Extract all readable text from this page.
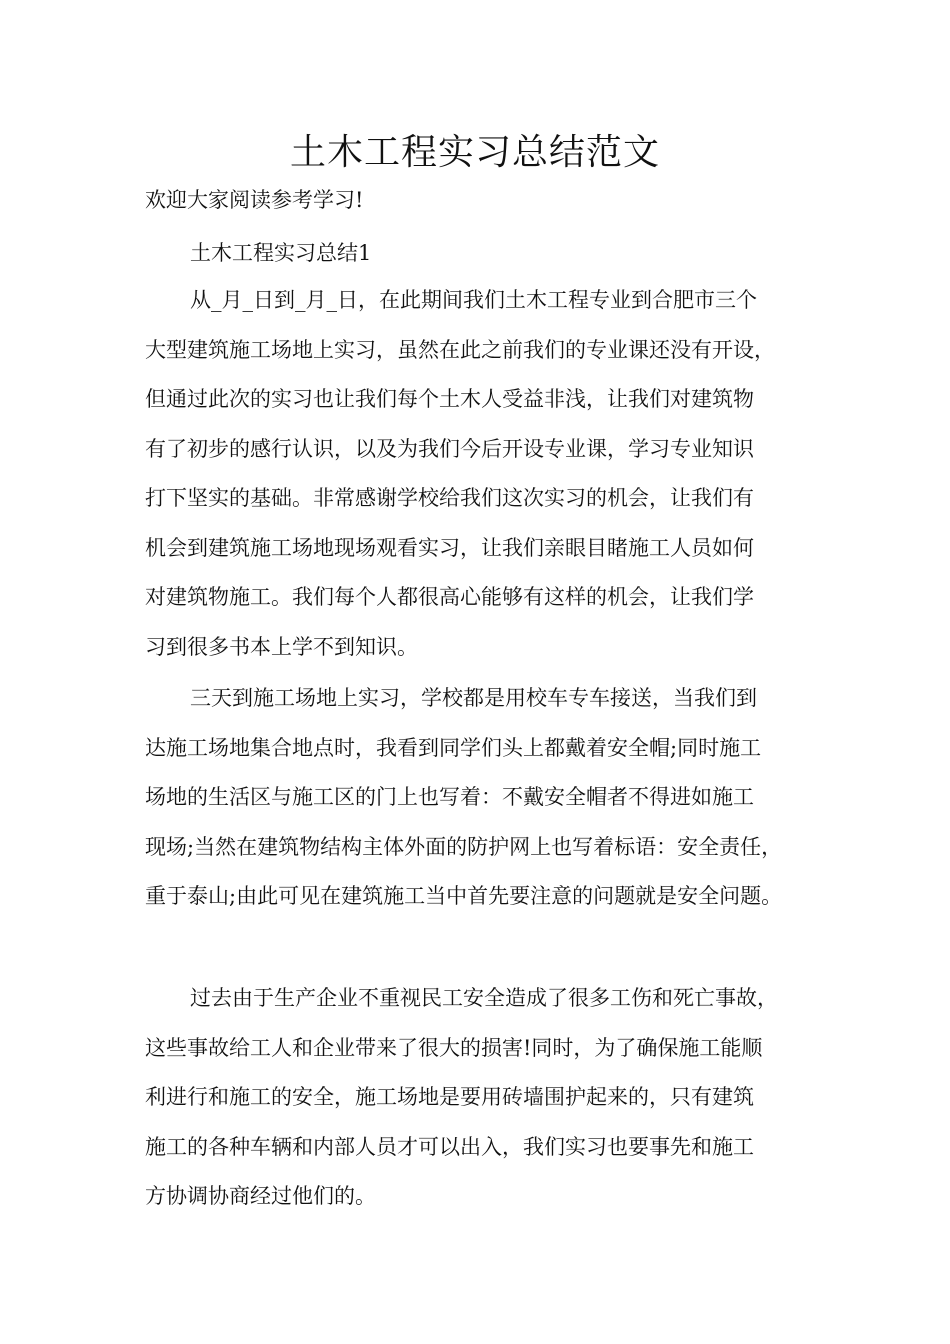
土木工程实习总结范文
欢迎大家阅读参考学习!
土木工程实习总结1
从_月_日到_月_日，在此期间我们土木工程专业到合肥市三个
大型建筑施工场地上实习，虽然在此之前我们的专业课还没有开设，
但通过此次的实习也让我们每个土木人受益非浅，让我们对建筑物
有了初步的感行认识，以及为我们今后开设专业课，学习专业知识
打下坚实的基础。非常感谢学校给我们这次实习的机会，让我们有
机会到建筑施工场地现场观看实习，让我们亲眼目睹施工人员如何
对建筑物施工。我们每个人都很高心能够有这样的机会，让我们学
习到很多书本上学不到知识。
三天到施工场地上实习，学校都是用校车专车接送，当我们到
达施工场地集合地点时，我看到同学们头上都戴着安全帽;同时施工
场地的生活区与施工区的门上也写着：不戴安全帽者不得进如施工
现场;当然在建筑物结构主体外面的防护网上也写着标语：安全责任，
重于泰山;由此可见在建筑施工当中首先要注意的问题就是安全问题。
过去由于生产企业不重视民工安全造成了很多工伤和死亡事故，
这些事故给工人和企业带来了很大的损害!同时，为了确保施工能顺
利进行和施工的安全，施工场地是要用砖墙围护起来的，只有建筑
施工的各种车辆和内部人员才可以出入，我们实习也要事先和施工
方协调协商经过他们的。
